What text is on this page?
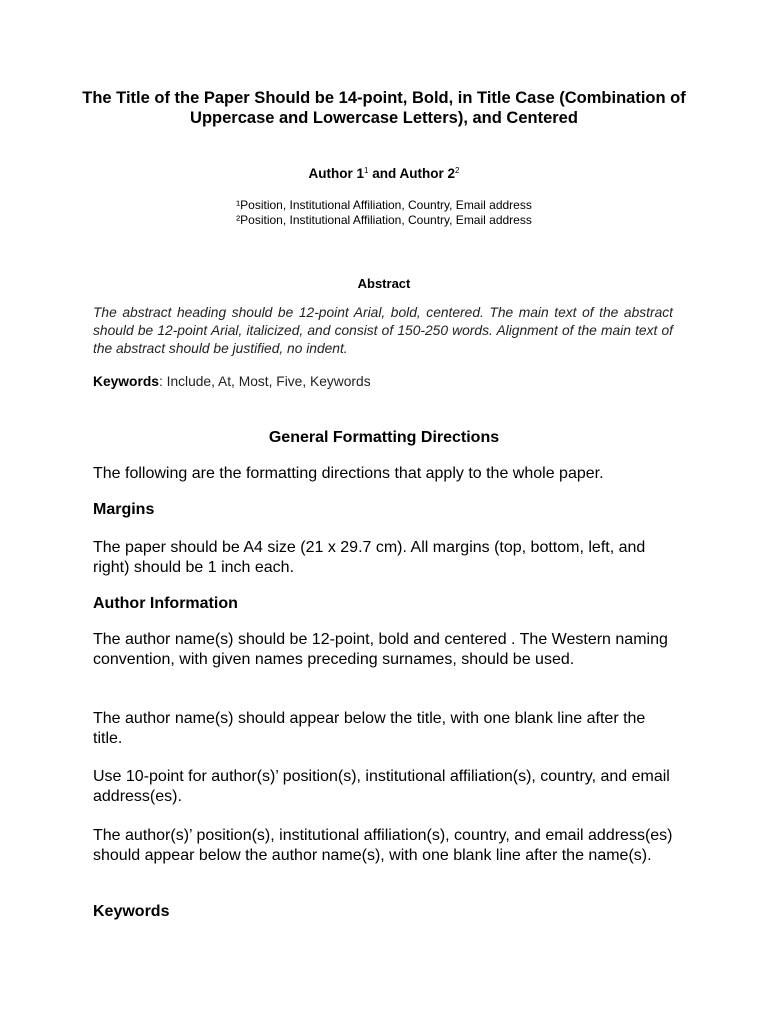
The Title of the Paper Should be 14-point, Bold, in Title Case (Combination of Uppercase and Lowercase Letters), and Centered

Author $1^1$ and Author $2^2$

¹Position, Institutional Affiliation, Country, Email address
²Position, Institutional Affiliation, Country, Email address
Abstract

The abstract heading should be 12-point Arial, bold, centered. The main text of the abstract should be 12-point Arial, italicized, and consist of 150-250 words. Alignment of the main text of the abstract should be justified, no indent.

Keywords: Include, At, Most, Five, Keywords

General Formatting Directions

The following are the formatting directions that apply to the whole paper.

Margins

The paper should be A4 size (21 x 29.7 cm). All margins (top, bottom, left, and right) should be 1 inch each.

Author Information

The author name(s) should be 12-point, bold and centered . The Western naming convention, with given names preceding surnames, should be used.

The author name(s) should appear below the title, with one blank line after the title.

Use 10-point for author(s)’ position(s), institutional affiliation(s), country, and email address(es).

The author(s)’ position(s), institutional affiliation(s), country, and email address(es) should appear below the author name(s), with one blank line after the name(s).

Keywords
